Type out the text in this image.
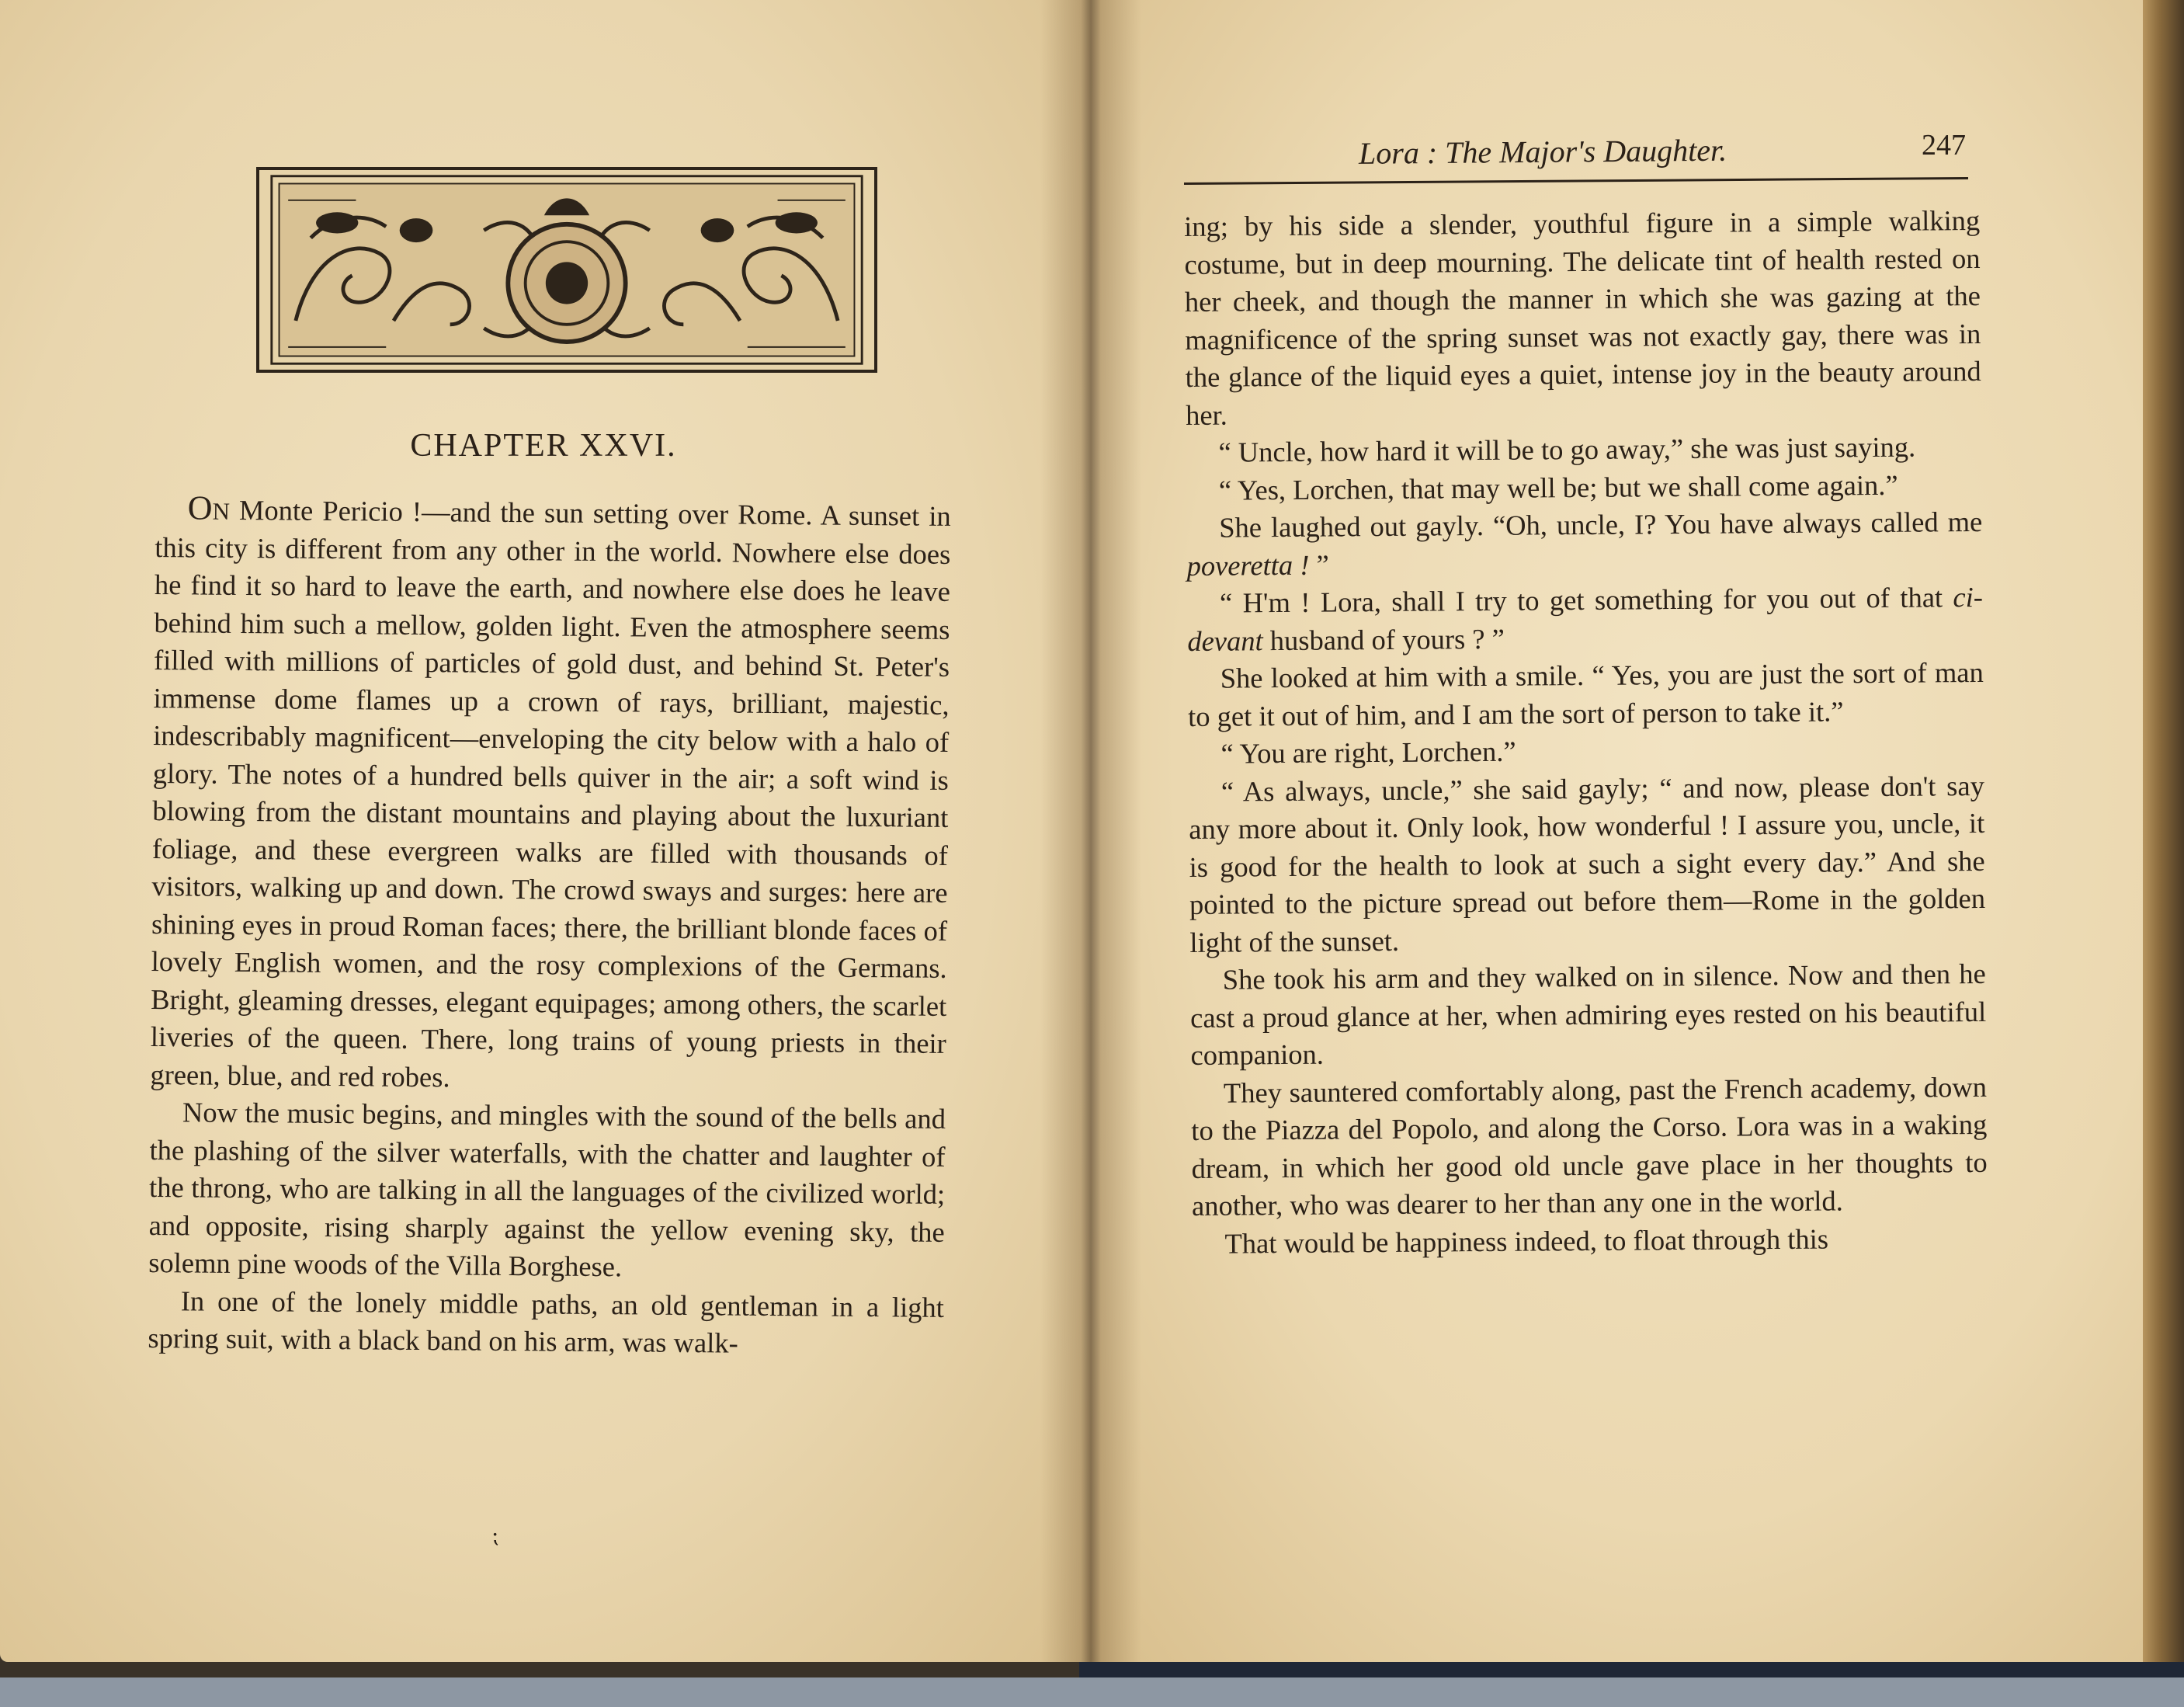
CHAPTER XXVI.

On Monte Pericio !—and the sun setting over Rome. A sunset in this city is different from any other in the world. Nowhere else does he find it so hard to leave the earth, and nowhere else does he leave behind him such a mellow, golden light. Even the atmosphere seems filled with millions of particles of gold dust, and behind St. Peter's immense dome flames up a crown of rays, brilliant, majestic, indescribably magnificent—enveloping the city below with a halo of glory. The notes of a hundred bells quiver in the air; a soft wind is blowing from the distant mountains and playing about the luxuriant foliage, and these evergreen walks are filled with thousands of visitors, walking up and down. The crowd sways and surges: here are shining eyes in proud Roman faces; there, the brilliant blonde faces of lovely English women, and the rosy complexions of the Germans. Bright, gleaming dresses, elegant equipages; among others, the scarlet liveries of the queen. There, long trains of young priests in their green, blue, and red robes.

Now the music begins, and mingles with the sound of the bells and the plashing of the silver waterfalls, with the chatter and laughter of the throng, who are talking in all the languages of the civilized world; and opposite, rising sharply against the yellow evening sky, the solemn pine woods of the Villa Borghese.

In one of the lonely middle paths, an old gentleman in a light spring suit, with a black band on his arm, was walk-

⁏
Lora : The Major's Daughter.	247

ing; by his side a slender, youthful figure in a simple walking costume, but in deep mourning. The delicate tint of health rested on her cheek, and though the manner in which she was gazing at the magnificence of the spring sunset was not exactly gay, there was in the glance of the liquid eyes a quiet, intense joy in the beauty around her.

“ Uncle, how hard it will be to go away,” she was just saying.

“ Yes, Lorchen, that may well be; but we shall come again.”

She laughed out gayly. “Oh, uncle, I? You have always called me poveretta ! ”

“ H'm ! Lora, shall I try to get something for you out of that ci-devant husband of yours ? ”

She looked at him with a smile. “ Yes, you are just the sort of man to get it out of him, and I am the sort of person to take it.”

“ You are right, Lorchen.”

“ As always, uncle,” she said gayly; “ and now, please don't say any more about it. Only look, how wonderful ! I assure you, uncle, it is good for the health to look at such a sight every day.” And she pointed to the picture spread out before them—Rome in the golden light of the sunset.

She took his arm and they walked on in silence. Now and then he cast a proud glance at her, when admiring eyes rested on his beautiful companion.

They sauntered comfortably along, past the French academy, down to the Piazza del Popolo, and along the Corso. Lora was in a waking dream, in which her good old uncle gave place in her thoughts to another, who was dearer to her than any one in the world.

That would be happiness indeed, to float through this
